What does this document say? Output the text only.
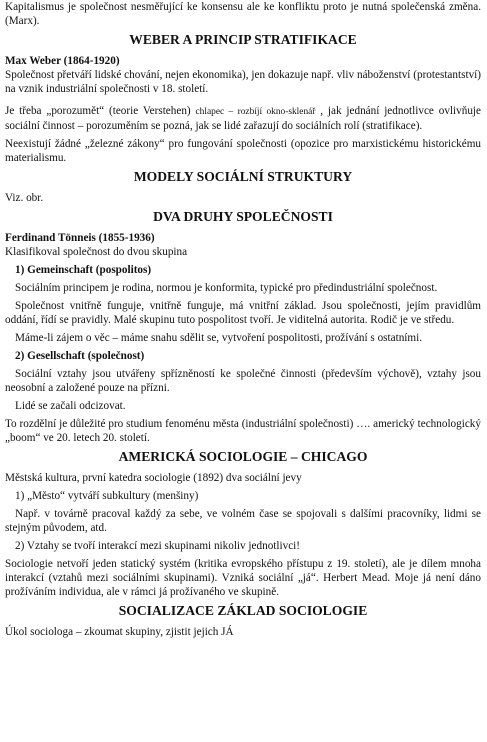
Kapitalismus je společnost nesměřující ke konsensu ale ke konfliktu proto je nutná společenská změna. (Marx).

WEBER A PRINCIP STRATIFIKACE
Max Weber (1864-1920)

Společnost přetváří lidské chování, nejen ekonomika), jen dokazuje např. vliv náboženství (protestantství) na vznik industriální společnosti v 18. století.

Je třeba „porozumět“ (teorie Verstehen) chlapec – rozbíjí okno-sklenář , jak jednání jednotlivce ovlivňuje sociální činnost – porozuměním se pozná, jak se lidé zařazují do sociálních rolí (stratifikace).

Neexistují žádné „železné zákony“ pro fungování společnosti (opozice pro marxistickému historickému materialismu.

MODELY SOCIÁLNÍ STRUKTURY

Viz. obr.

DVA DRUHY SPOLEČNOSTI
Ferdinand Tönneis (1855-1936)

Klasifikoval společnost do dvou skupina

1) Gemeinschaft (pospolitos)

Sociálním principem je rodina, normou je konformita, typické pro předindustriální společnost.

Společnost vnitřně funguje, vnitřně funguje, má vnitřní základ. Jsou společnosti, jejím pravidlům oddání, řídí se pravidly. Malé skupinu tuto pospolitost tvoří. Je viditelná autorita. Rodič je ve středu.

Máme-li zájem o věc – máme snahu sdělit se, vytvoření pospolitosti, prožívání s ostatními.

2) Gesellschaft (společnost)

Sociální vztahy jsou utvářeny spřízněností ke společné činnosti (především výchově), vztahy jsou neosobní a založené pouze na přízni.

Lidé se začali odcizovat.

To rozdělní je důležité pro studium fenoménu města (industriální společnosti) …. americký technologický „boom“ ve 20. letech 20. století.

AMERICKÁ SOCIOLOGIE – CHICAGO

Městská kultura, první katedra sociologie (1892) dva sociální jevy

1) „Město“ vytváří subkultury (menšiny)

Např. v továrně pracoval každý za sebe, ve volném čase se spojovali s dalšími pracovníky, lidmi se stejným původem, atd.

2) Vztahy se tvoří interakcí mezi skupinami nikoliv jednotlivci!

Sociologie netvoří jeden statický systém (kritika evropského přístupu z 19. století), ale je dílem mnoha interakcí (vztahů mezi sociálními skupinami). Vzniká sociální „já“. Herbert Mead. Moje já není dáno prožíváním individua, ale v rámci já prožívaného ve skupině.

SOCIALIZACE ZÁKLAD SOCIOLOGIE

Úkol sociologa – zkoumat skupiny, zjistit jejich JÁ
